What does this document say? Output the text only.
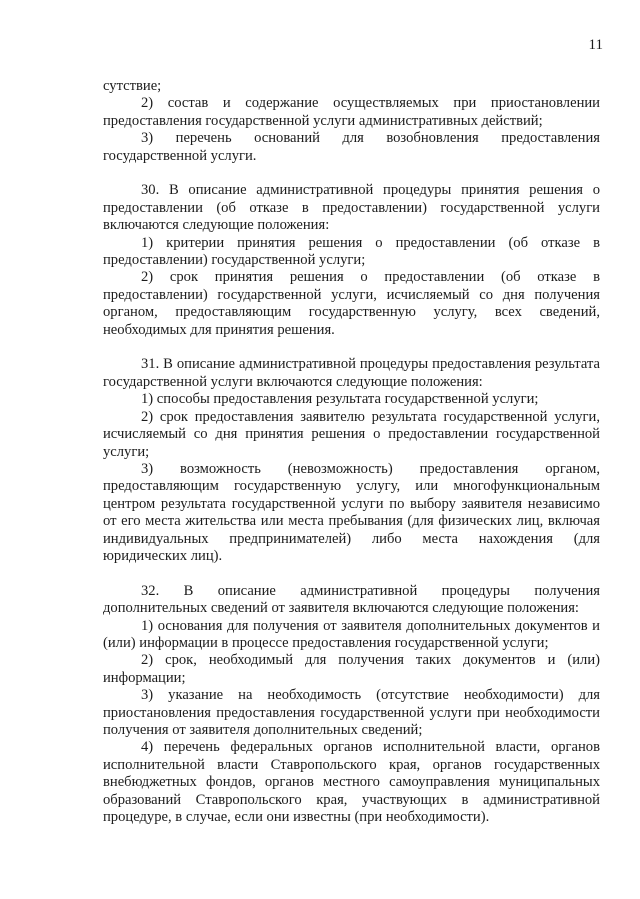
11

сутствие;

2) состав и содержание осуществляемых при приостановлении предоставления государственной услуги административных действий;

3) перечень оснований для возобновления предоставления государственной услуги.

30. В описание административной процедуры принятия решения о предоставлении (об отказе в предоставлении) государственной услуги включаются следующие положения:

1) критерии принятия решения о предоставлении (об отказе в предоставлении) государственной услуги;

2) срок принятия решения о предоставлении (об отказе в предоставлении) государственной услуги, исчисляемый со дня получения органом, предоставляющим государственную услугу, всех сведений, необходимых для принятия решения.

31. В описание административной процедуры предоставления результата государственной услуги включаются следующие положения:

1) способы предоставления результата государственной услуги;

2) срок предоставления заявителю результата государственной услуги, исчисляемый со дня принятия решения о предоставлении государственной услуги;

3) возможность (невозможность) предоставления органом, предоставляющим государственную услугу, или многофункциональным центром результата государственной услуги по выбору заявителя независимо от его места жительства или места пребывания (для физических лиц, включая индивидуальных предпринимателей) либо места нахождения (для юридических лиц).

32. В описание административной процедуры получения дополнительных сведений от заявителя включаются следующие положения:

1) основания для получения от заявителя дополнительных документов и (или) информации в процессе предоставления государственной услуги;

2) срок, необходимый для получения таких документов и (или) информации;

3) указание на необходимость (отсутствие необходимости) для приостановления предоставления государственной услуги при необходимости получения от заявителя дополнительных сведений;

4) перечень федеральных органов исполнительной власти, органов исполнительной власти Ставропольского края, органов государственных внебюджетных фондов, органов местного самоуправления муниципальных образований Ставропольского края, участвующих в административной процедуре, в случае, если они известны (при необходимости).
